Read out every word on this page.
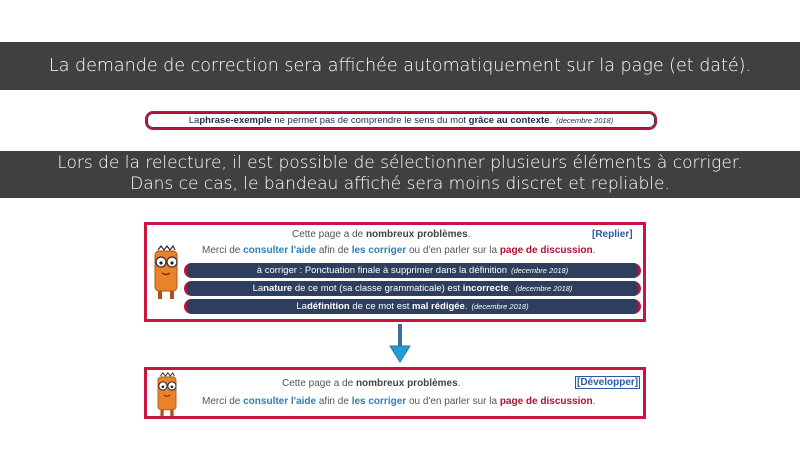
La demande de correction sera affichée automatiquement sur la page (et daté).
La phrase-exemple ne permet pas de comprendre le sens du mot grâce au contexte . (decembre 2018)
Lors de la relecture, il est possible de sélectionner plusieurs éléments à corriger.
Dans ce cas, le bandeau affiché sera moins discret et repliable.
Cette page a de nombreux problèmes.	[Replier]
Merci de consulter l'aide afin de les corriger ou d'en parler sur la page de discussion.
à corriger : Ponctuation finale à supprimer dans la définition (decembre 2018)
La nature de ce mot (sa classe grammaticale) est incorrecte . (decembre 2018)
La définition de ce mot est mal rédigée . (decembre 2018)
Cette page a de nombreux problèmes.	[Développer]
Merci de consulter l'aide afin de les corriger ou d'en parler sur la page de discussion.
